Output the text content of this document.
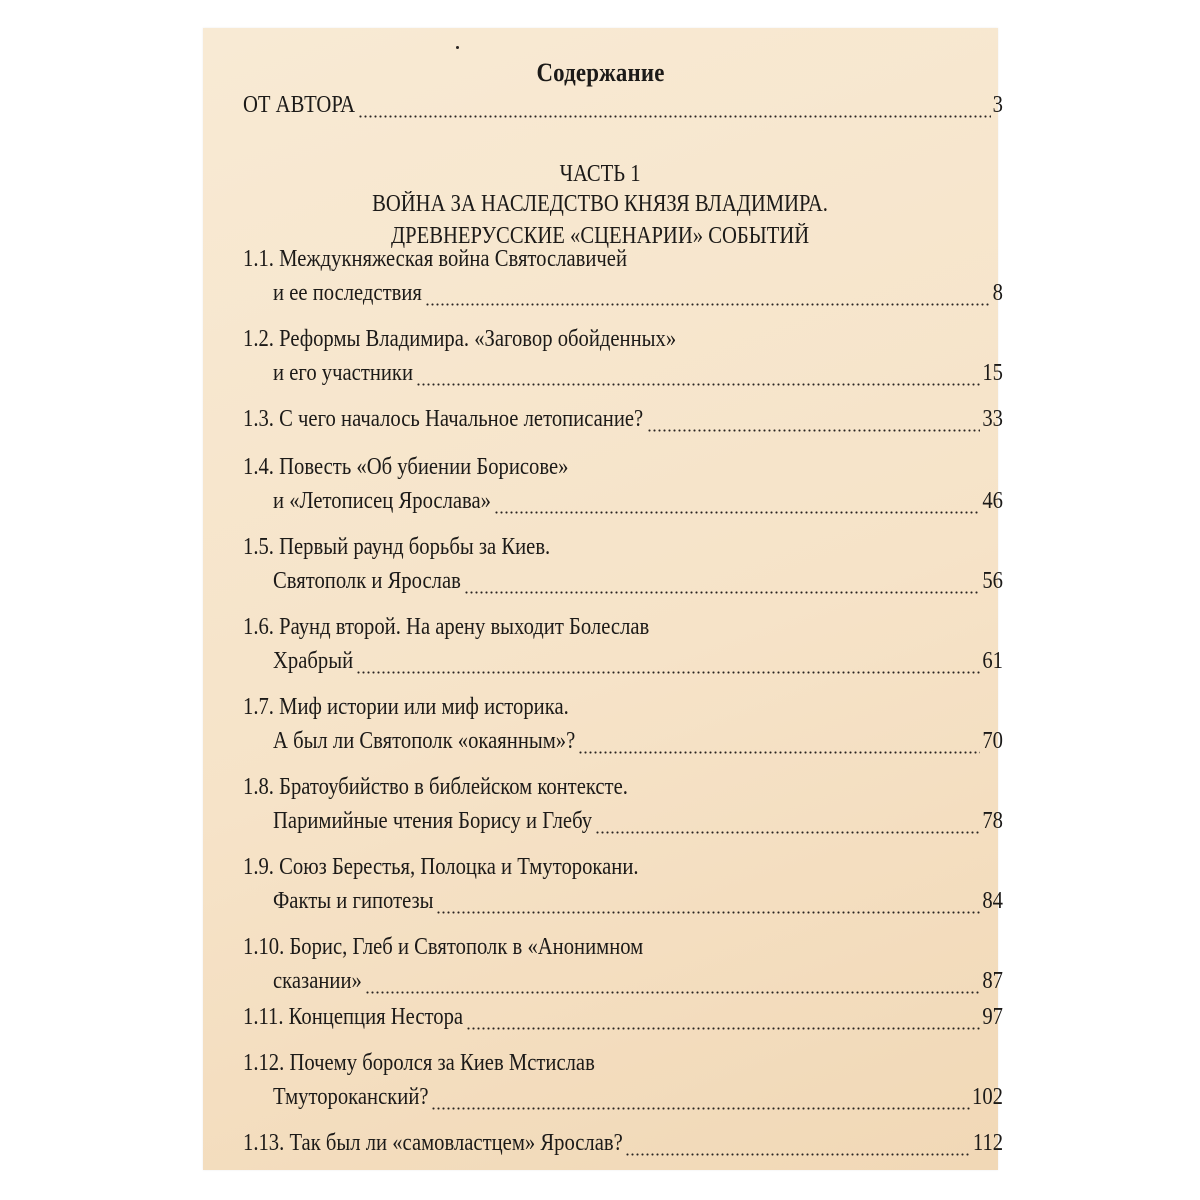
Содержание
ОТ АВТОРА	3
ЧАСТЬ 1
ВОЙНА ЗА НАСЛЕДСТВО КНЯЗЯ ВЛАДИМИРА.
ДРЕВНЕРУССКИЕ «СЦЕНАРИИ» СОБЫТИЙ
1.1. Междукняжеская война Святославичей
и ее последствия	8
1.2. Реформы Владимира. «Заговор обойденных»
и его участники	15
1.3. С чего началось Начальное летописание?	33
1.4. Повесть «Об убиении Борисове»
и «Летописец Ярослава»	46
1.5. Первый раунд борьбы за Киев.
Святополк и Ярослав	56
1.6. Раунд второй. На арену выходит Болеслав
Храбрый	61
1.7. Миф истории или миф историка.
А был ли Святополк «окаянным»?	70
1.8. Братоубийство в библейском контексте.
Паримийные чтения Борису и Глебу	78
1.9. Союз Берестья, Полоцка и Тмуторокани.
Факты и гипотезы	84
1.10. Борис, Глеб и Святополк в «Анонимном
сказании»	87
1.11. Концепция Нестора	97
1.12. Почему боролся за Киев Мстислав
Тмутороканский?	102
1.13. Так был ли «самовластцем» Ярослав?	112
